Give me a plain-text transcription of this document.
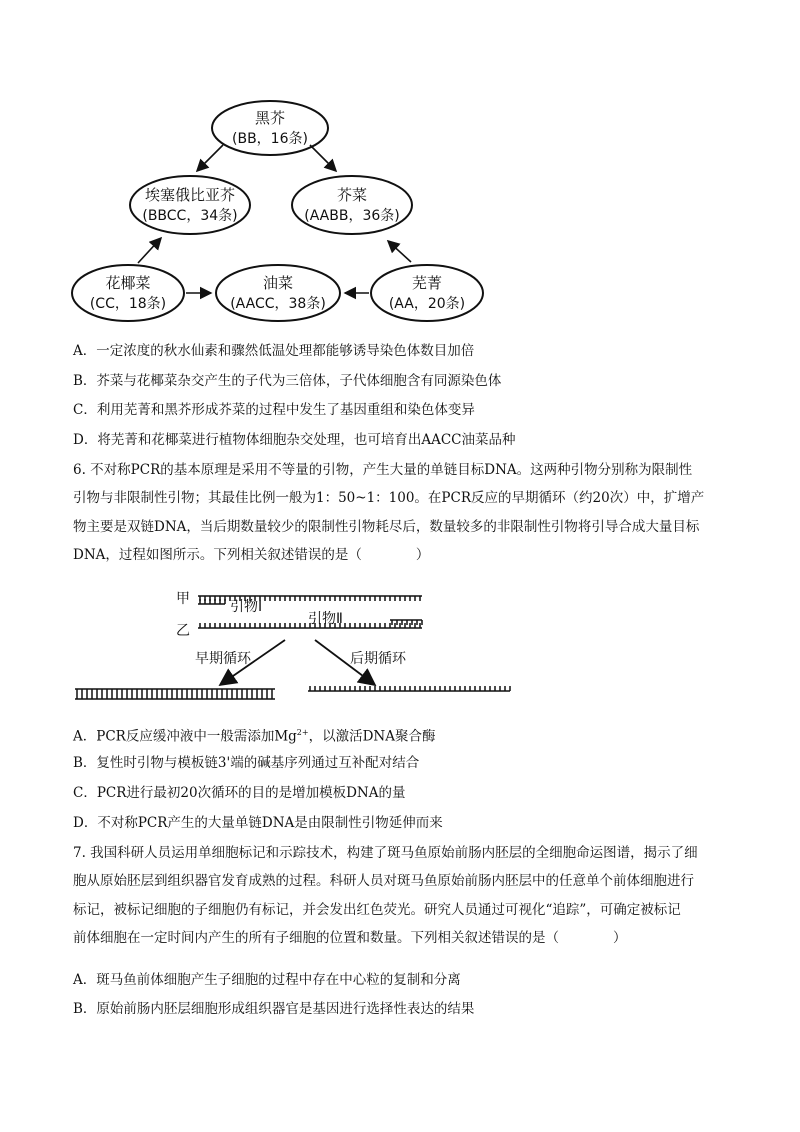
黑芥
(BB，16条)
埃塞俄比亚芥
(BBCC，34条)
芥菜
(AABB，36条)
花椰菜
(CC，18条)
油菜
(AACC，38条)
芜菁
(AA，20条)
A．一定浓度的秋水仙素和骤然低温处理都能够诱导染色体数目加倍
B．芥菜与花椰菜杂交产生的子代为三倍体，子代体细胞含有同源染色体
C．利用芜菁和黑芥形成芥菜的过程中发生了基因重组和染色体变异
D．将芜菁和花椰菜进行植物体细胞杂交处理，也可培育出AACC油菜品种
6. 不对称PCR的基本原理是采用不等量的引物，产生大量的单链目标DNA。这两种引物分别称为限制性
引物与非限制性引物；其最佳比例一般为1：50~1：100。在PCR反应的早期循环（约20次）中，扩增产
物主要是双链DNA，当后期数量较少的限制性引物耗尽后，数量较多的非限制性引物将引导合成大量目标
DNA，过程如图所示。下列相关叙述错误的是（　　　　）
甲
乙
引物Ⅰ
引物Ⅱ
早期循环	后期循环
A．PCR反应缓冲液中一般需添加$Mg^{2+}$，以激活DNA聚合酶
B．复性时引物与模板链3'端的碱基序列通过互补配对结合
C．PCR进行最初20次循环的目的是增加模板DNA的量
D．不对称PCR产生的大量单链DNA是由限制性引物延伸而来
7. 我国科研人员运用单细胞标记和示踪技术，构建了斑马鱼原始前肠内胚层的全细胞命运图谱，揭示了细
胞从原始胚层到组织器官发育成熟的过程。科研人员对斑马鱼原始前肠内胚层中的任意单个前体细胞进行
标记，被标记细胞的子细胞仍有标记，并会发出红色荧光。研究人员通过可视化“追踪”，可确定被标记
前体细胞在一定时间内产生的所有子细胞的位置和数量。下列相关叙述错误的是（　　　　）
A．斑马鱼前体细胞产生子细胞的过程中存在中心粒的复制和分离
B．原始前肠内胚层细胞形成组织器官是基因进行选择性表达的结果
